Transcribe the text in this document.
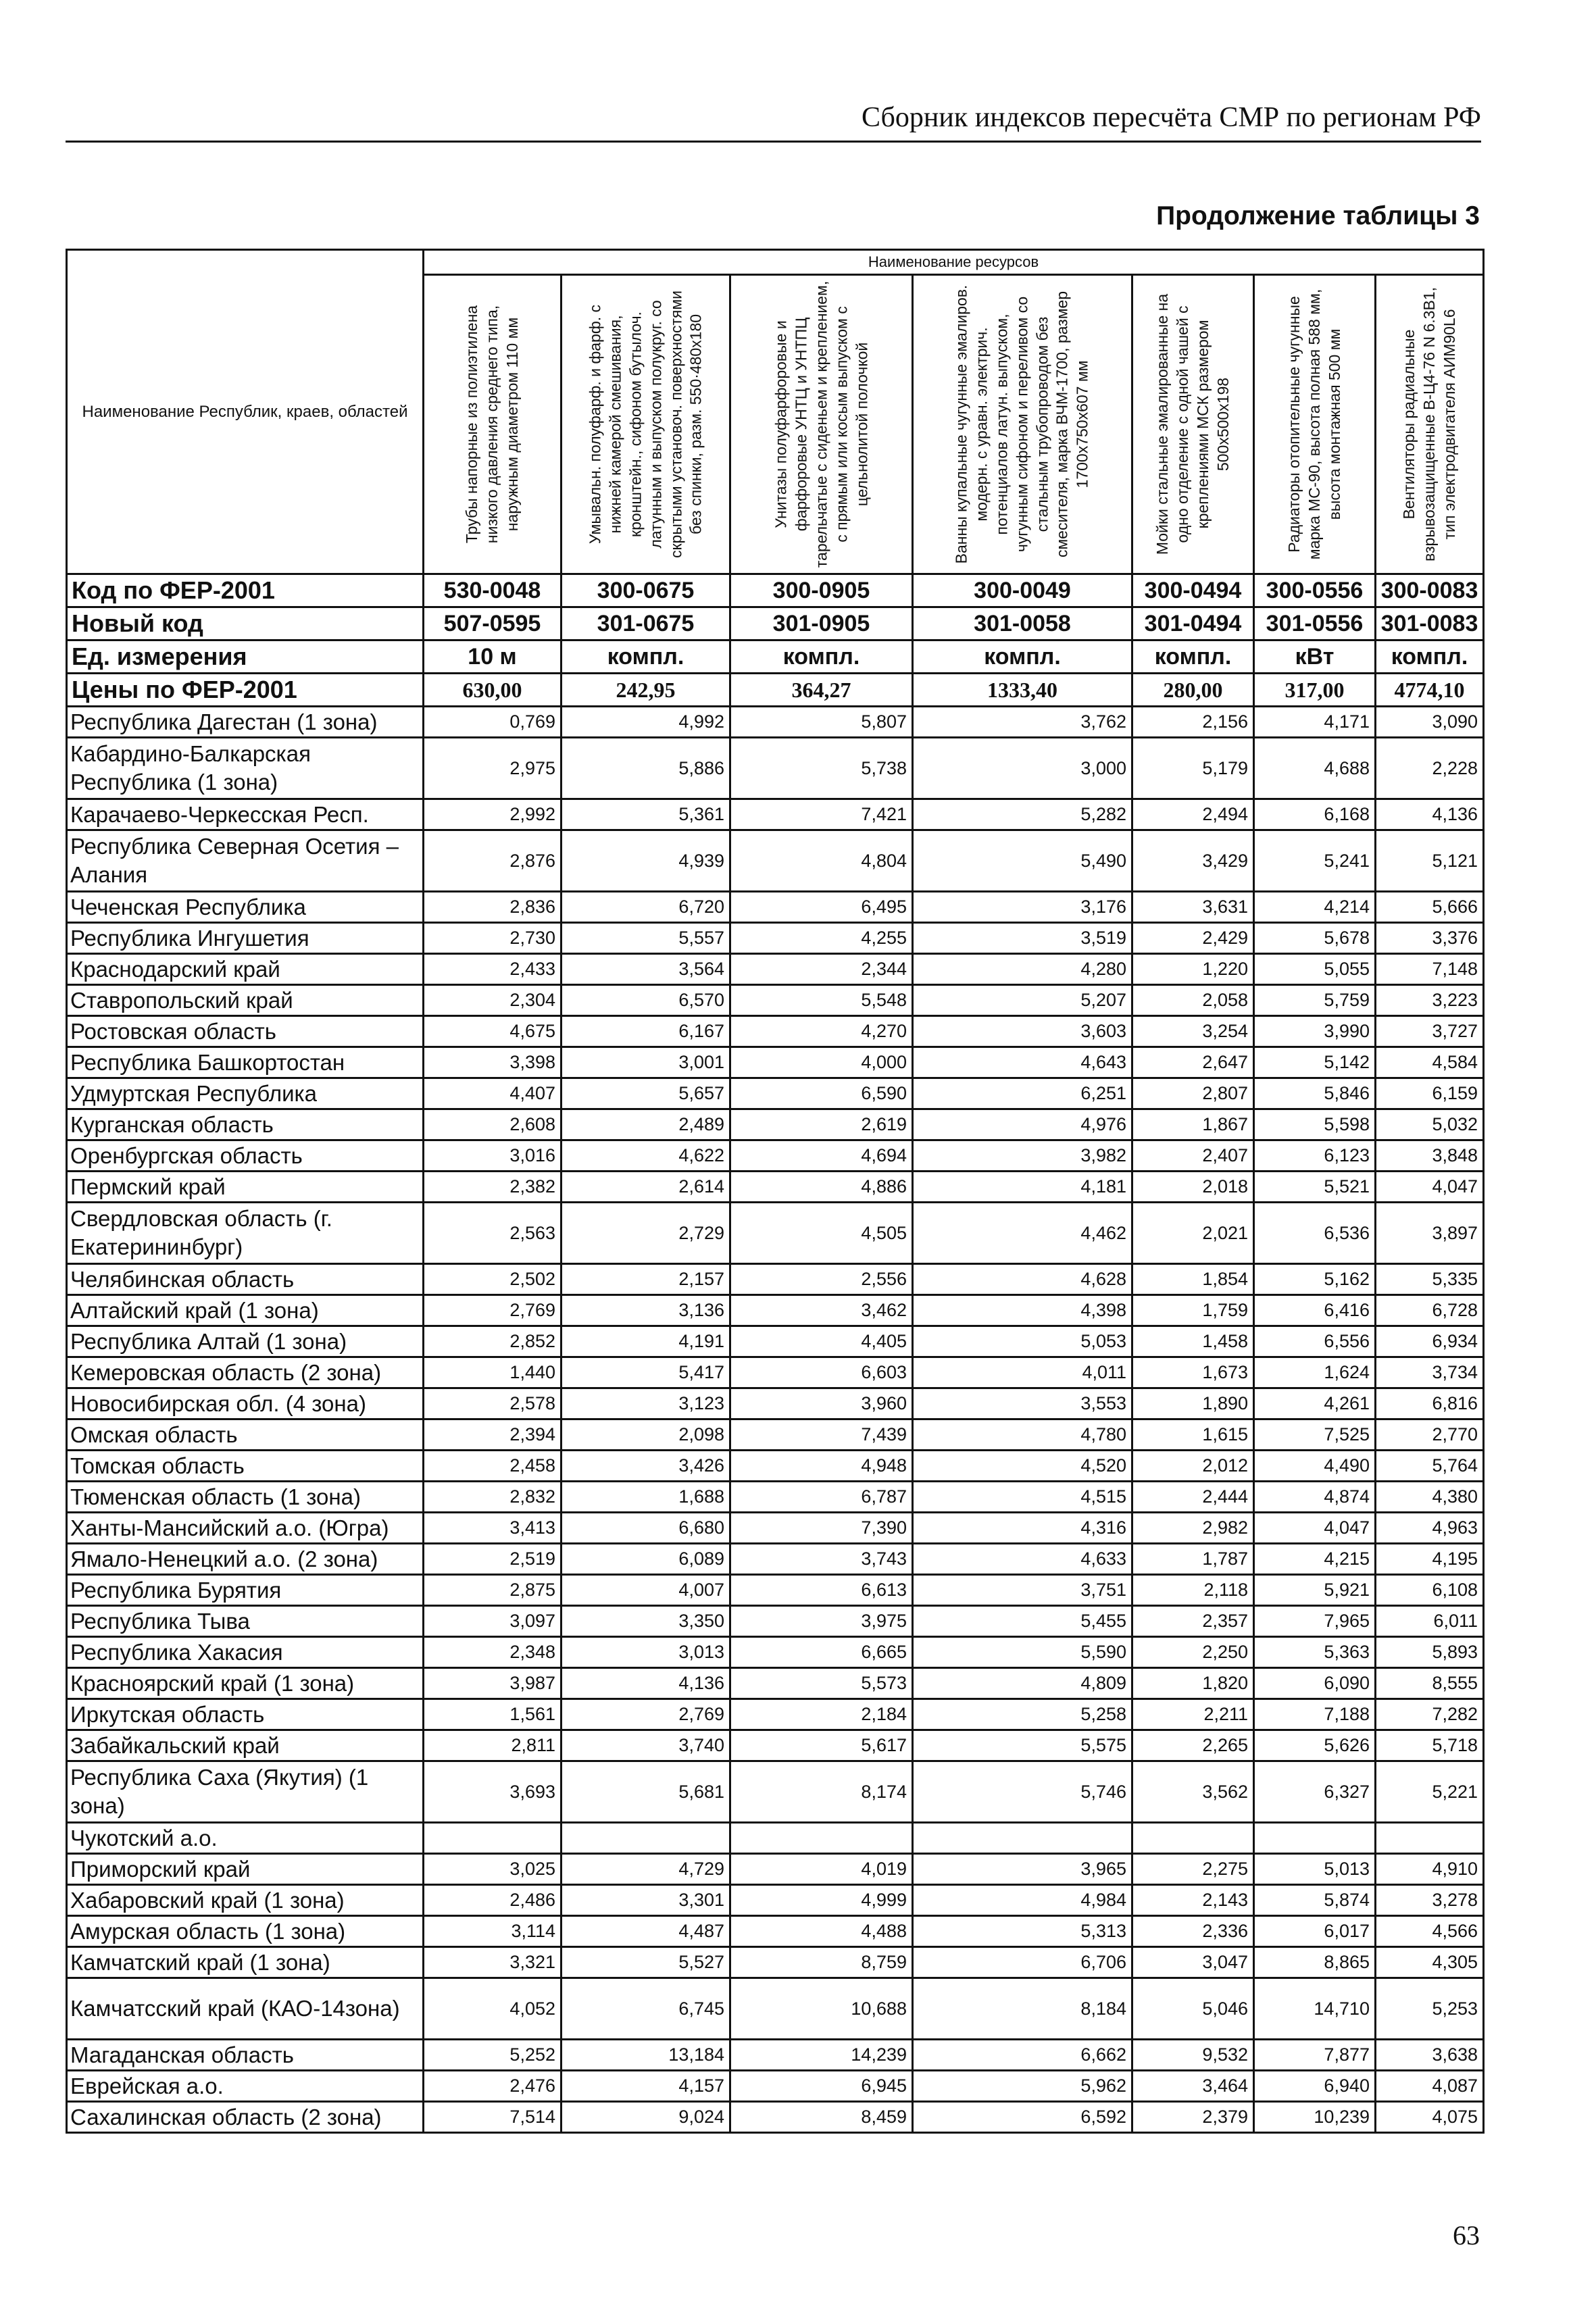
Сборник индексов пересчёта СМР по регионам РФ
Продолжение таблицы 3
Наименование Республик, краев, областей	Наименование ресурсов						

	Трубы напорные из полиэтилена низкого давления среднего типа, наружным диаметром 110 мм	Умывальн. полуфарф. и фарф. с нижней камерой смешивания, кронштейн., сифоном бутылоч. латунным и выпуском полукруг. со скрытыми установоч. поверхностями без спинки, разм. 550·480х180	Унитазы полуфарфоровые и фарфоровые УНТЦ и УНТПЦ тарельчатые с сиденьем и креплением, с прямым или косым выпуском с цельнолитой полочкой	Ванны купальные чугунные эмалиров. модерн. с уравн. электрич. потенциалов латун. выпуском, чугунным сифоном и переливом со стальным трубопроводом без смесителя, марка ВЧМ-1700, размер 1700х750х607 мм	Мойки стальные эмалированные на одно отделение с одной чашей с креплениями МСК размером 500х500х198	Радиаторы отопительные чугунные марка МС-90, высота полная 588 мм, высота монтажная 500 мм	Вентиляторы радиальные взрывозащищенные В-Ц4-76 N 6.3В1, тип электродвигателя АИМ90L6

Код по ФЕР-2001	530-0048	300-0675	300-0905	300-0049	300-0494	300-0556	300-0083
Новый код	507-0595	301-0675	301-0905	301-0058	301-0494	301-0556	301-0083
Ед. измерения	10 м	компл.	компл.	компл.	компл.	кВт	компл.
Цены по ФЕР-2001	630,00	242,95	364,27	1333,40	280,00	317,00	4774,10
Республика Дагестан (1 зона)	0,769	4,992	5,807	3,762	2,156	4,171	3,090
Кабардино-Балкарская Республика (1 зона)	2,975	5,886	5,738	3,000	5,179	4,688	2,228
Карачаево-Черкесская Респ.	2,992	5,361	7,421	5,282	2,494	6,168	4,136
Республика Северная Осетия – Алания	2,876	4,939	4,804	5,490	3,429	5,241	5,121
Чеченская Республика	2,836	6,720	6,495	3,176	3,631	4,214	5,666
Республика Ингушетия	2,730	5,557	4,255	3,519	2,429	5,678	3,376
Краснодарский край	2,433	3,564	2,344	4,280	1,220	5,055	7,148
Ставропольский край	2,304	6,570	5,548	5,207	2,058	5,759	3,223
Ростовская область	4,675	6,167	4,270	3,603	3,254	3,990	3,727
Республика Башкортостан	3,398	3,001	4,000	4,643	2,647	5,142	4,584
Удмуртская Республика	4,407	5,657	6,590	6,251	2,807	5,846	6,159
Курганская область	2,608	2,489	2,619	4,976	1,867	5,598	5,032
Оренбургская область	3,016	4,622	4,694	3,982	2,407	6,123	3,848
Пермский край	2,382	2,614	4,886	4,181	2,018	5,521	4,047
Свердловская область (г. Екатерининбург)	2,563	2,729	4,505	4,462	2,021	6,536	3,897
Челябинская область	2,502	2,157	2,556	4,628	1,854	5,162	5,335
Алтайский край (1 зона)	2,769	3,136	3,462	4,398	1,759	6,416	6,728
Республика Алтай (1 зона)	2,852	4,191	4,405	5,053	1,458	6,556	6,934
Кемеровская область (2 зона)	1,440	5,417	6,603	4,011	1,673	1,624	3,734
Новосибирская обл. (4 зона)	2,578	3,123	3,960	3,553	1,890	4,261	6,816
Омская область	2,394	2,098	7,439	4,780	1,615	7,525	2,770
Томская область	2,458	3,426	4,948	4,520	2,012	4,490	5,764
Тюменская область (1 зона)	2,832	1,688	6,787	4,515	2,444	4,874	4,380
Ханты-Мансийский а.о. (Югра)	3,413	6,680	7,390	4,316	2,982	4,047	4,963
Ямало-Ненецкий а.о. (2 зона)	2,519	6,089	3,743	4,633	1,787	4,215	4,195
Республика Бурятия	2,875	4,007	6,613	3,751	2,118	5,921	6,108
Республика Тыва	3,097	3,350	3,975	5,455	2,357	7,965	6,011
Республика Хакасия	2,348	3,013	6,665	5,590	2,250	5,363	5,893
Красноярский край (1 зона)	3,987	4,136	5,573	4,809	1,820	6,090	8,555
Иркутская область	1,561	2,769	2,184	5,258	2,211	7,188	7,282
Забайкальский край	2,811	3,740	5,617	5,575	2,265	5,626	5,718
Республика Саха (Якутия) (1 зона)	3,693	5,681	8,174	5,746	3,562	6,327	5,221
Чукотский а.о.							
Приморский край	3,025	4,729	4,019	3,965	2,275	5,013	4,910
Хабаровский край (1 зона)	2,486	3,301	4,999	4,984	2,143	5,874	3,278
Амурская область (1 зона)	3,114	4,487	4,488	5,313	2,336	6,017	4,566
Камчатский край (1 зона)	3,321	5,527	8,759	6,706	3,047	8,865	4,305
Камчатсский край (КАО-14зона)	4,052	6,745	10,688	8,184	5,046	14,710	5,253
Магаданская область	5,252	13,184	14,239	6,662	9,532	7,877	3,638
Еврейская а.о.	2,476	4,157	6,945	5,962	3,464	6,940	4,087
Сахалинская область (2 зона)	7,514	9,024	8,459	6,592	2,379	10,239	4,075
63
